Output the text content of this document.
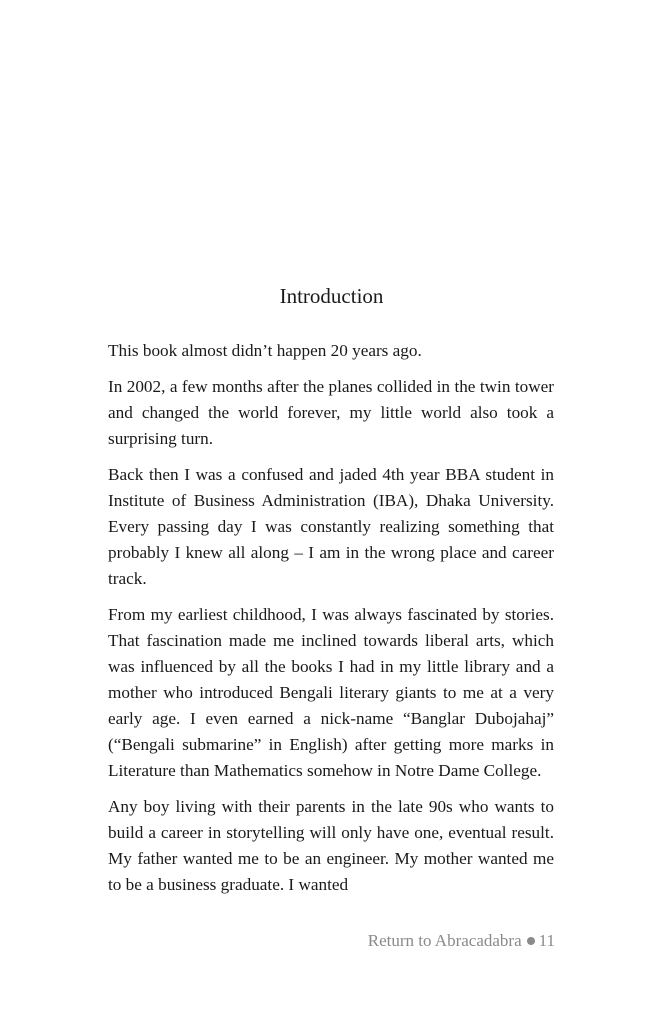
Introduction

This book almost didn’t happen 20 years ago.

In 2002, a few months after the planes collided in the twin tower and changed the world forever, my little world also took a surprising turn.

Back then I was a confused and jaded 4th year BBA student in Institute of Business Administration (IBA), Dhaka University. Every passing day I was constantly realizing something that probably I knew all along – I am in the wrong place and career track.

From my earliest childhood, I was always fascinated by stories. That fascination made me inclined towards liberal arts, which was influenced by all the books I had in my little library and a mother who introduced Bengali literary giants to me at a very early age. I even earned a nick-name “Banglar Dubojahaj” (“Bengali submarine” in English) after getting more marks in Literature than Mathematics somehow in Notre Dame College.

Any boy living with their parents in the late 90s who wants to build a career in storytelling will only have one, eventual result. My father wanted me to be an engineer. My mother wanted me to be a business graduate. I wanted

Return to Abracadabra 11
